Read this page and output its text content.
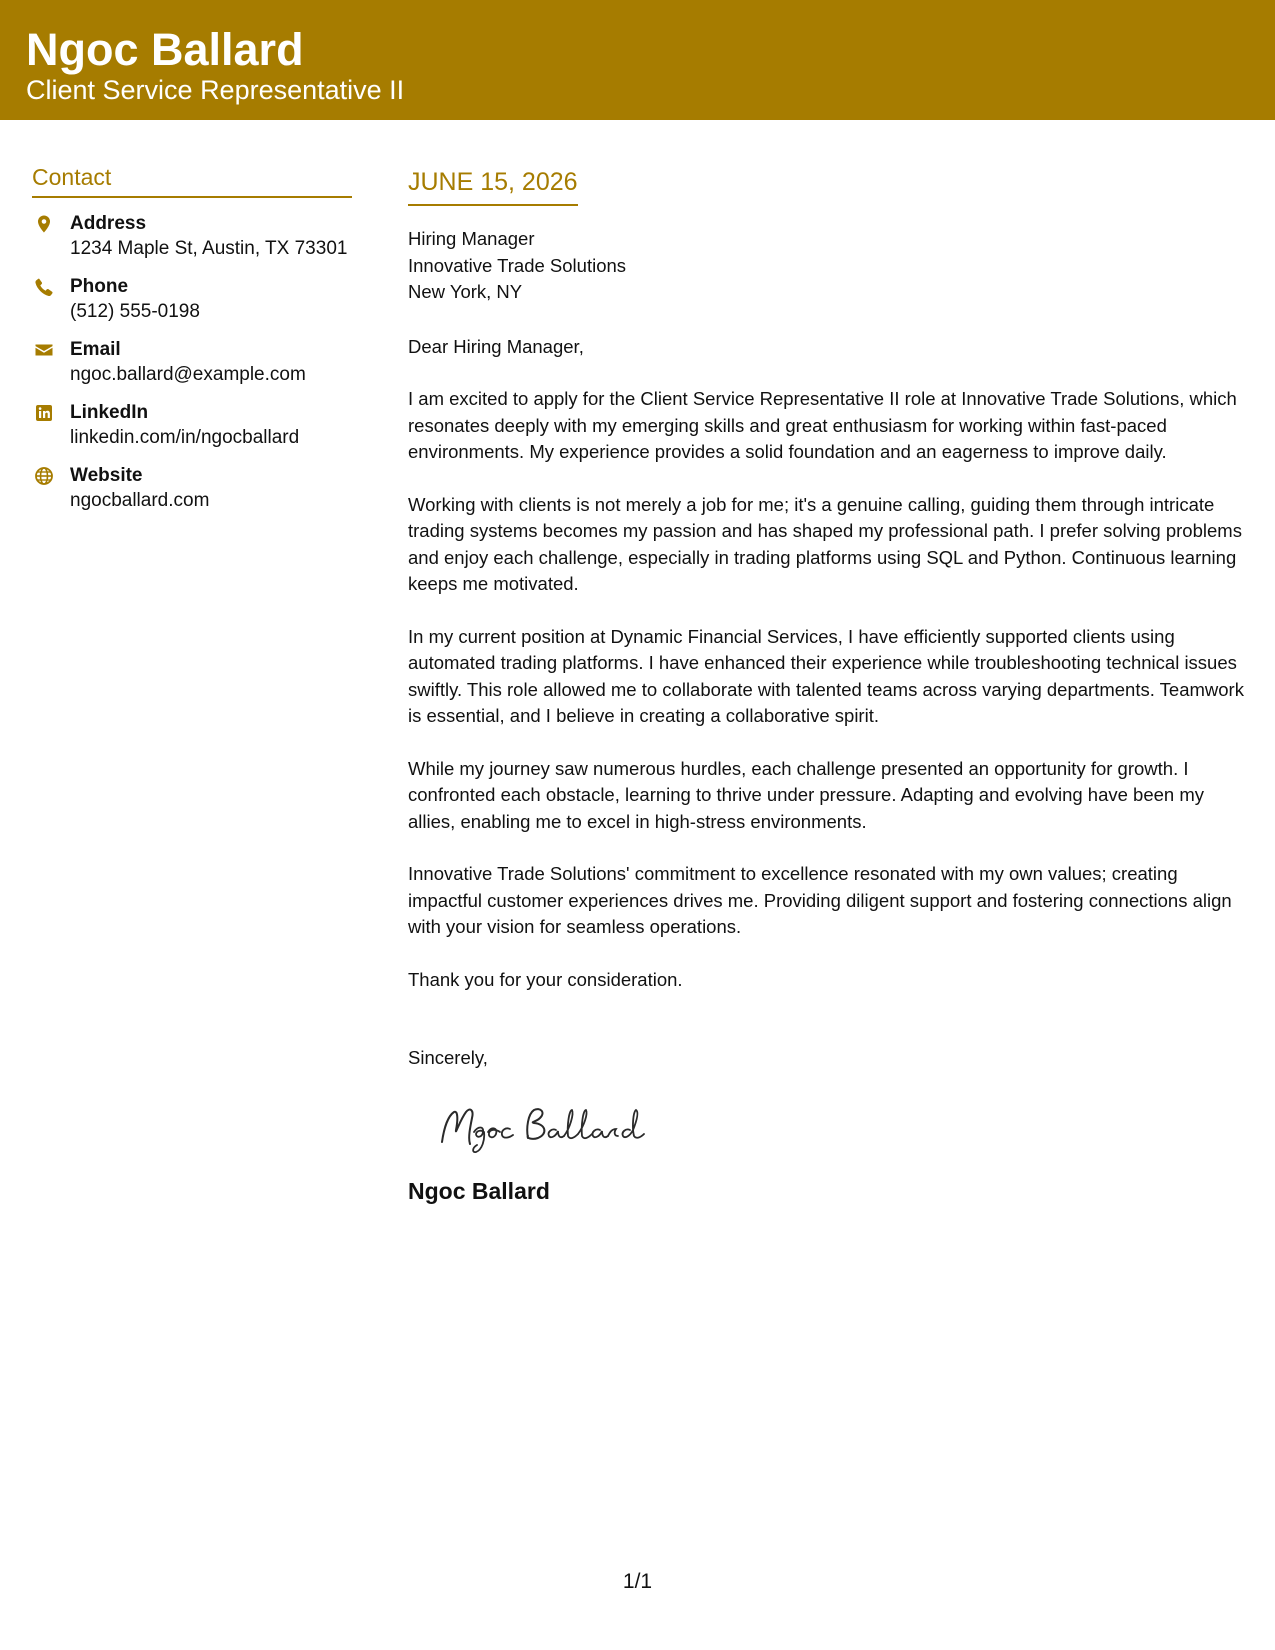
Ngoc Ballard
Client Service Representative II
Contact
Address
1234 Maple St, Austin, TX 73301
Phone
(512) 555-0198
Email
ngoc.ballard@example.com
LinkedIn
linkedin.com/in/ngocballard
Website
ngocballard.com
JUNE 15, 2026
Hiring Manager
Innovative Trade Solutions
New York, NY
Dear Hiring Manager,
I am excited to apply for the Client Service Representative II role at Innovative Trade Solutions, which resonates deeply with my emerging skills and great enthusiasm for working within fast-paced environments. My experience provides a solid foundation and an eagerness to improve daily.
Working with clients is not merely a job for me; it's a genuine calling, guiding them through intricate trading systems becomes my passion and has shaped my professional path. I prefer solving problems and enjoy each challenge, especially in trading platforms using SQL and Python. Continuous learning keeps me motivated.
In my current position at Dynamic Financial Services, I have efficiently supported clients using automated trading platforms. I have enhanced their experience while troubleshooting technical issues swiftly. This role allowed me to collaborate with talented teams across varying departments. Teamwork is essential, and I believe in creating a collaborative spirit.
While my journey saw numerous hurdles, each challenge presented an opportunity for growth. I confronted each obstacle, learning to thrive under pressure. Adapting and evolving have been my allies, enabling me to excel in high-stress environments.
Innovative Trade Solutions' commitment to excellence resonated with my own values; creating impactful customer experiences drives me. Providing diligent support and fostering connections align with your vision for seamless operations.
Thank you for your consideration.
Sincerely,
Ngoc Ballard
1/1
